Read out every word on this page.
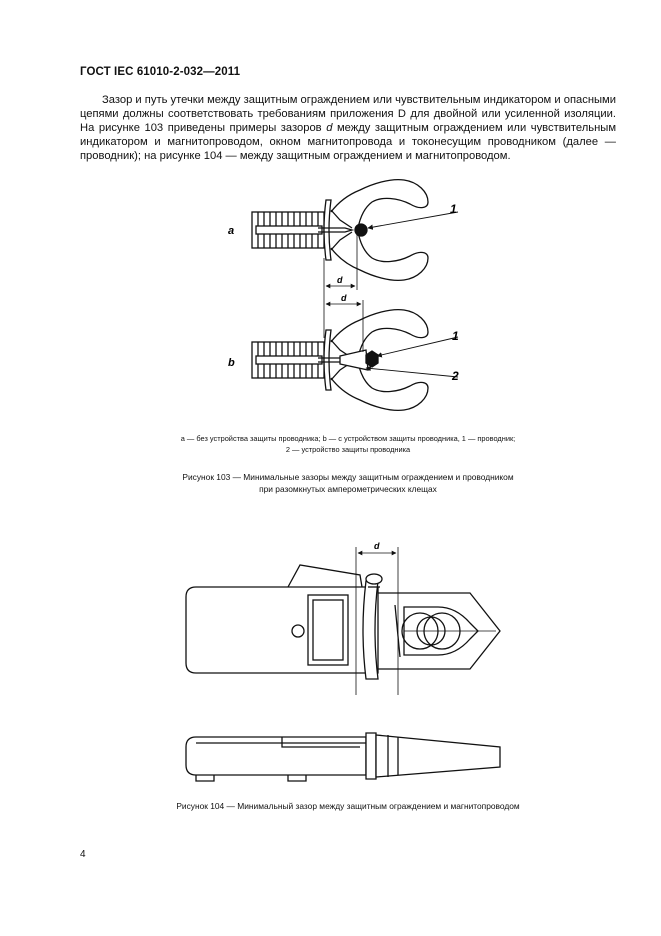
ГОСТ IEC 61010-2-032—2011

Зазор и путь утечки между защитным ограждением или чувствительным индикатором и опасными цепями должны соответствовать требованиям приложения D для двойной или усиленной изоляции. На рисунке 103 приведены примеры зазоров d между защитным ограждением или чувствительным индикатором и магнитопроводом, окном магнитопровода и токонесущим проводником (далее — проводник); на рисунке 104 — между защитным ограждением и магнитопроводом.

a
b
1
1
2
d
d
a — без устройства защиты проводника; b — с устройством защиты проводника, 1 — проводник;
2 — устройство защиты проводника
Рисунок 103 — Минимальные зазоры между защитным ограждением и проводником
при разомкнутых амперометрических клещах
d
Рисунок 104 — Минимальный зазор между защитным ограждением и магнитопроводом
4
